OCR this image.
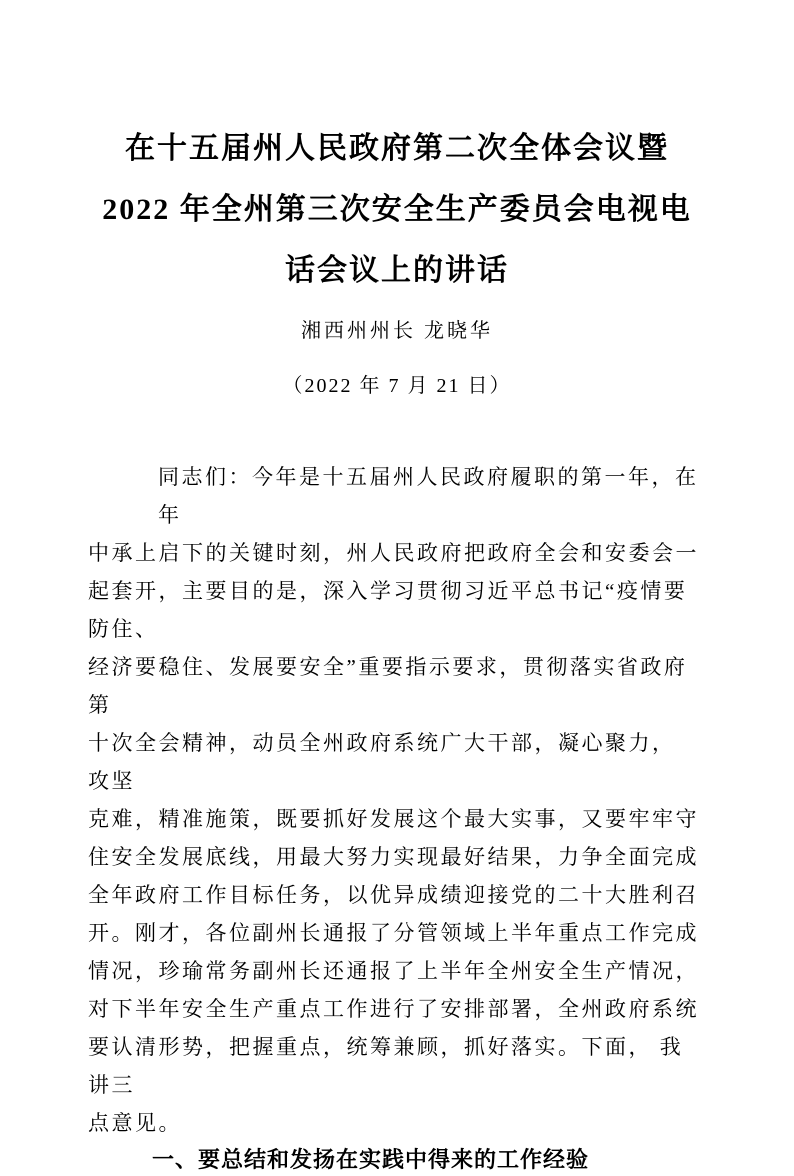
在十五届州人民政府第二次全体会议暨
2022 年全州第三次安全生产委员会电视电
话会议上的讲话
湘西州州长 龙晓华
（2022 年 7 月 21 日）
同志们：今年是十五届州人民政府履职的第一年，在年
中承上启下的关键时刻，州人民政府把政府全会和安委会一
起套开，主要目的是，深入学习贯彻习近平总书记“疫情要防住、
经济要稳住、发展要安全”重要指示要求，贯彻落实省政府第
十次全会精神，动员全州政府系统广大干部，凝心聚力， 攻坚
克难，精准施策，既要抓好发展这个最大实事，又要牢牢守
住安全发展底线，用最大努力实现最好结果，力争全面完成
全年政府工作目标任务，以优异成绩迎接党的二十大胜利召
开。刚才，各位副州长通报了分管领域上半年重点工作完成
情况，珍瑜常务副州长还通报了上半年全州安全生产情况，
对下半年安全生产重点工作进行了安排部署，全州政府系统
要认清形势，把握重点，统筹兼顾，抓好落实。下面， 我讲三
点意见。
一、要总结和发扬在实践中得来的工作经验
